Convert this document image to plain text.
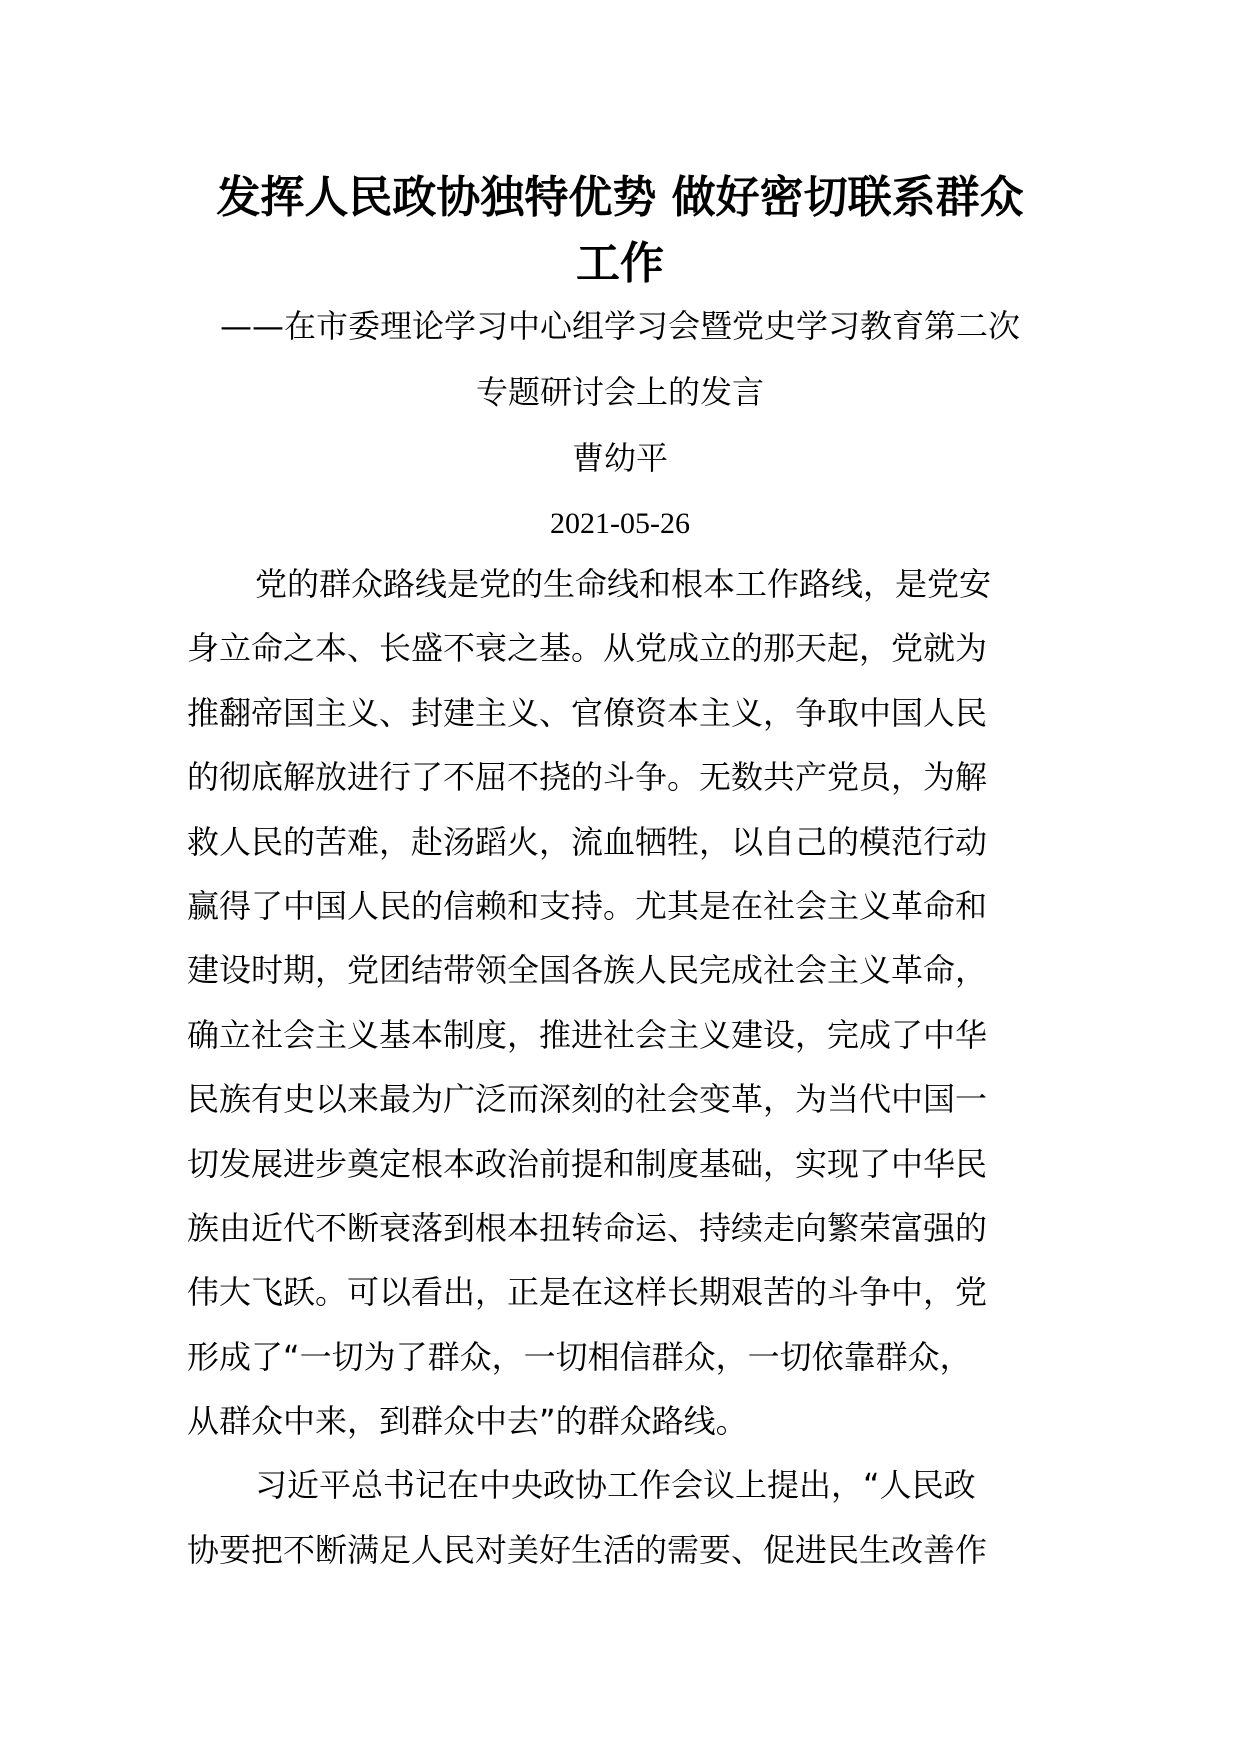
发挥人民政协独特优势 做好密切联系群众
工作
——在市委理论学习中心组学习会暨党史学习教育第二次
专题研讨会上的发言
曹幼平
2021-05-26
党的群众路线是党的生命线和根本工作路线，是党安
身立命之本、长盛不衰之基。从党成立的那天起，党就为
推翻帝国主义、封建主义、官僚资本主义，争取中国人民
的彻底解放进行了不屈不挠的斗争。无数共产党员，为解
救人民的苦难，赴汤蹈火，流血牺牲，以自己的模范行动
赢得了中国人民的信赖和支持。尤其是在社会主义革命和
建设时期，党团结带领全国各族人民完成社会主义革命，
确立社会主义基本制度，推进社会主义建设，完成了中华
民族有史以来最为广泛而深刻的社会变革，为当代中国一
切发展进步奠定根本政治前提和制度基础，实现了中华民
族由近代不断衰落到根本扭转命运、持续走向繁荣富强的
伟大飞跃。可以看出，正是在这样长期艰苦的斗争中，党
形成了“一切为了群众，一切相信群众，一切依靠群众，
从群众中来，到群众中去”的群众路线。
习近平总书记在中央政协工作会议上提出，“人民政
协要把不断满足人民对美好生活的需要、促进民生改善作
